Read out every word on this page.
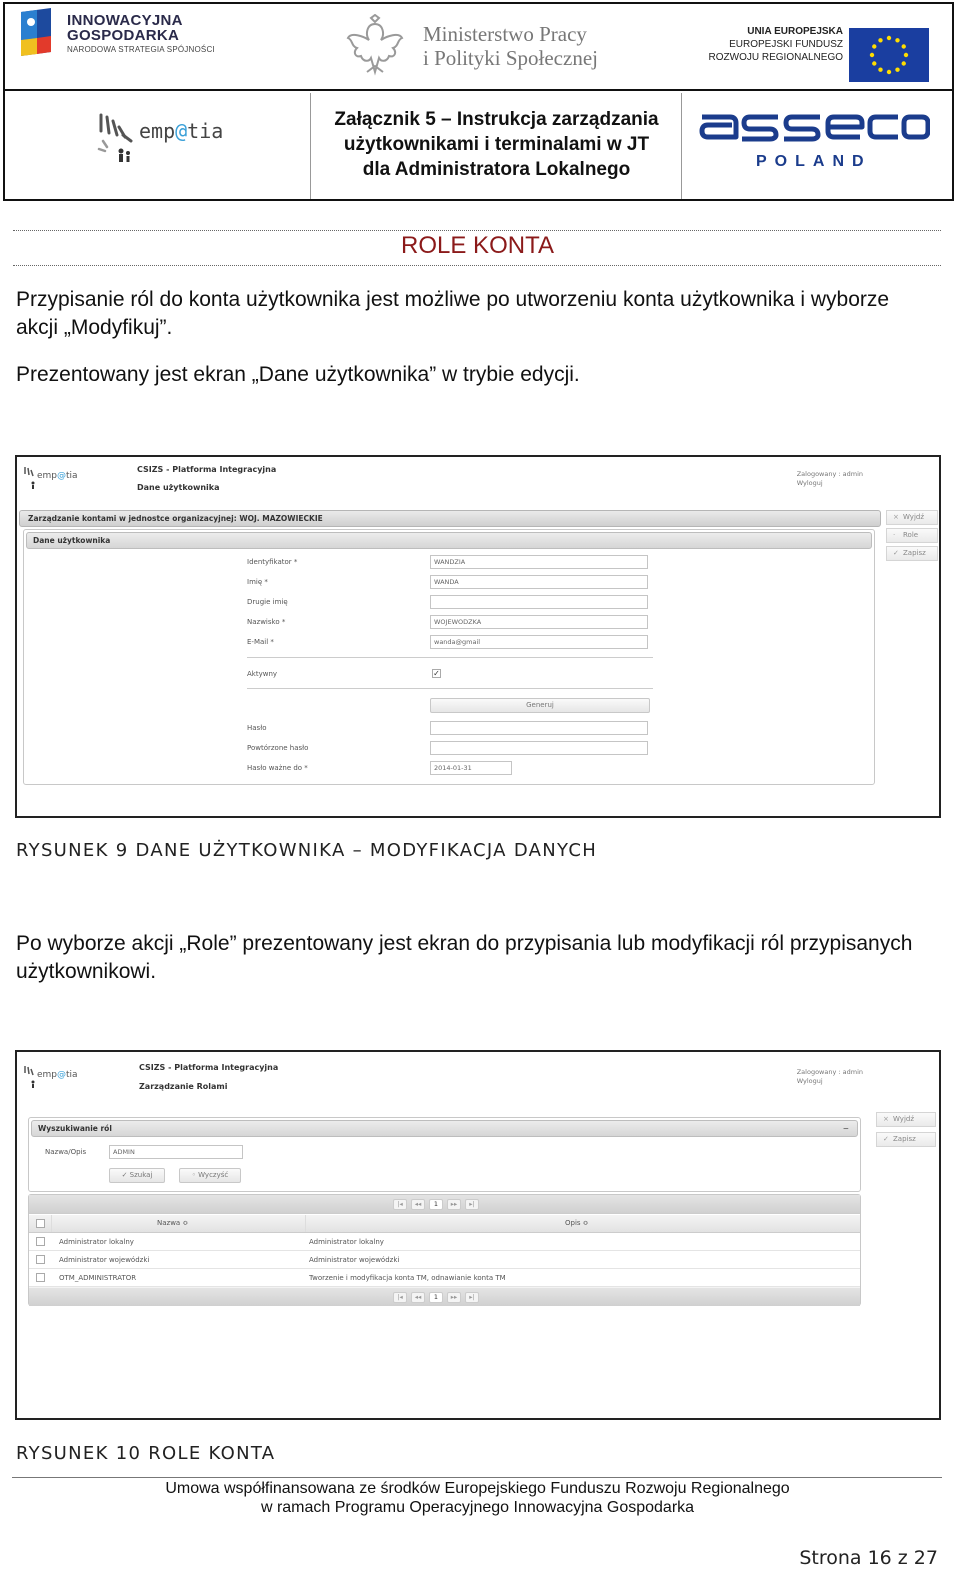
INNOWACYJNA
GOSPODARKA
NARODOWA STRATEGIA SPÓJNOŚCI
Ministerstwo Pracy
i Polityki Społecznej
UNIA EUROPEJSKA
EUROPEJSKI FUNDUSZ
ROZWOJU REGIONALNEGO
emp@tia	Załącznik 5 – Instrukcja zarządzania
użytkownikami i terminalami w JT
dla Administratora Lokalnego	POLAND
ROLE KONTA
Przypisanie ról do konta użytkownika jest możliwe po utworzeniu konta użytkownika i wyborze akcji „Modyfikuj”.
Prezentowany jest ekran „Dane użytkownika” w trybie edycji.
emp@tia
CSIZS - Platforma Integracyjna
Dane użytkownika
Zalogowany : admin
Wyloguj
Zarządzanie kontami w jednostce organizacyjnej: WOJ. MAZOWIECKIE
Dane użytkownika
Identyfikator *	WANDZIA
Imię *	WANDA
Drugie imię
Nazwisko *	WOJEWODZKA
E-Mail *	wanda@gmail
Aktywny	✓
Generuj
Hasło
Powtórzone hasło
Hasło ważne do *	2014-01-31
× Wyjdź
· Role
✓ Zapisz
RYSUNEK 9 DANE UŻYTKOWNIKA – MODYFIKACJA DANYCH
Po wyborze akcji „Role” prezentowany jest ekran do przypisania lub modyfikacji ról przypisanych użytkownikowi.
emp@tia
CSIZS - Platforma Integracyjna
Zarządzanie Rolami
Zalogowany : admin
Wyloguj
Wyszukiwanie ról	−
Nazwa/Opis	ADMIN
✓ Szukaj	◦ Wyczyść
|◂	◂◂	1	▸▸	▸|
Nazwa ≎	Opis ≎
Administrator lokalny	Administrator lokalny
Administrator wojewódzki	Administrator wojewódzki
OTM_ADMINISTRATOR	Tworzenie i modyfikacja konta TM, odnawianie konta TM
|◂	◂◂	1	▸▸	▸|
× Wyjdź
✓ Zapisz
RYSUNEK 10 ROLE KONTA
Umowa współfinansowana ze środków Europejskiego Funduszu Rozwoju Regionalnego
w ramach Programu Operacyjnego Innowacyjna Gospodarka
Strona 16 z 27
